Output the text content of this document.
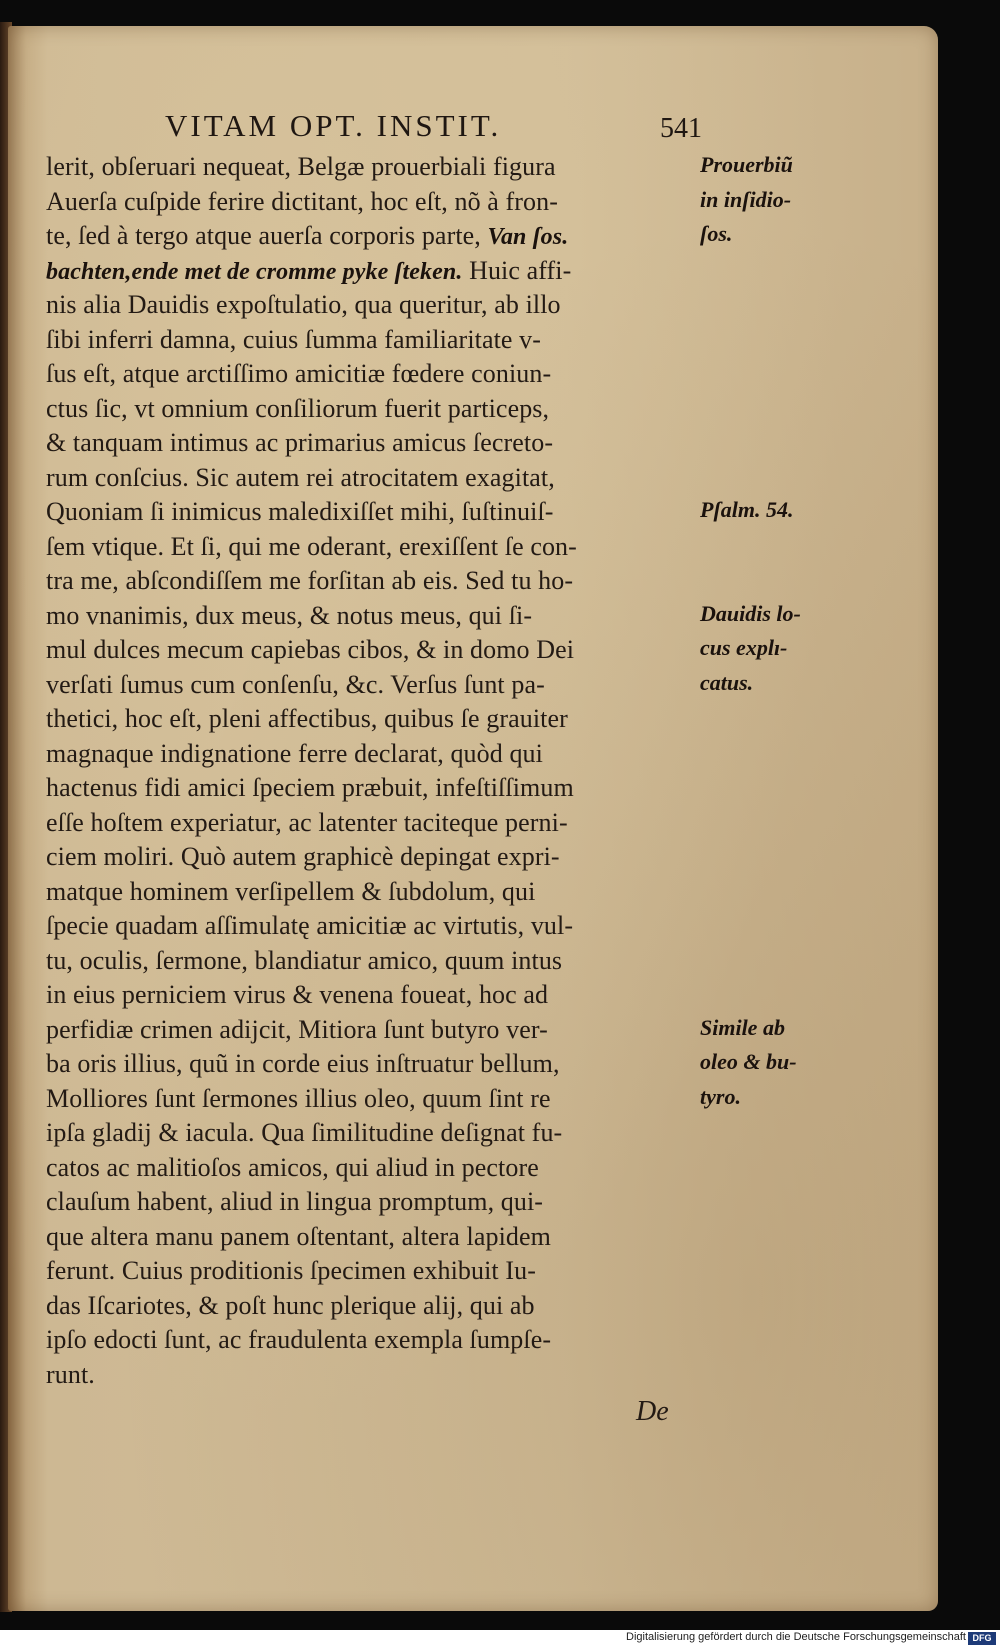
VITAM OPT. INSTIT.	541
lerit, obſeruari nequeat, Belgæ prouerbiali figura
Auerſa cuſpide ferire dictitant, hoc eſt, nõ à fron-
te, ſed à tergo atque auerſa corporis parte, Van ſos.
bachten,ende met de cromme pyke ſteken. Huic affi-
nis alia Dauidis expoſtulatio, qua queritur, ab illo
ſibi inferri damna, cuius ſumma familiaritate v-
ſus eſt, atque arctiſſimo amicitiæ fœdere coniun-
ctus ſic, vt omnium conſiliorum fuerit particeps,
& tanquam intimus ac primarius amicus ſecreto-
rum conſcius. Sic autem rei atrocitatem exagitat,
Quoniam ſi inimicus maledixiſſet mihi, ſuſtinuiſ-
ſem vtique. Et ſi, qui me oderant, erexiſſent ſe con-
tra me, abſcondiſſem me forſitan ab eis. Sed tu ho-
mo vnanimis, dux meus, & notus meus, qui ſi-
mul dulces mecum capiebas cibos, & in domo Dei
verſati ſumus cum conſenſu, &c. Verſus ſunt pa-
thetici, hoc eſt, pleni affectibus, quibus ſe grauiter
magnaque indignatione ferre declarat, quòd qui
hactenus fidi amici ſpeciem præbuit, infeſtiſſimum
eſſe hoſtem experiatur, ac latenter taciteque perni-
ciem moliri. Quò autem graphicè depingat expri-
matque hominem verſipellem & ſubdolum, qui
ſpecie quadam aſſimulatę amicitiæ ac virtutis, vul-
tu, oculis, ſermone, blandiatur amico, quum intus
in eius perniciem virus & venena foueat, hoc ad
perfidiæ crimen adijcit, Mitiora ſunt butyro ver-
ba oris illius, quũ in corde eius inſtruatur bellum,
Molliores ſunt ſermones illius oleo, quum ſint re
ipſa gladij & iacula. Qua ſimilitudine deſignat fu-
catos ac malitioſos amicos, qui aliud in pectore
clauſum habent, aliud in lingua promptum, qui-
que altera manu panem oſtentant, altera lapidem
ferunt. Cuius proditionis ſpecimen exhibuit Iu-
das Iſcariotes, & poſt hunc plerique alij, qui ab
ipſo edocti ſunt, ac fraudulenta exempla ſumpſe-
runt.
Prouerbiũ
in inſidio-
ſos.
Pſalm. 54.
Dauidis lo-
cus explı-
catus.
Simile ab
oleo & bu-
tyro.
De
Digitalisierung gefördert durch die Deutsche Forschungsgemeinschaft DFG
